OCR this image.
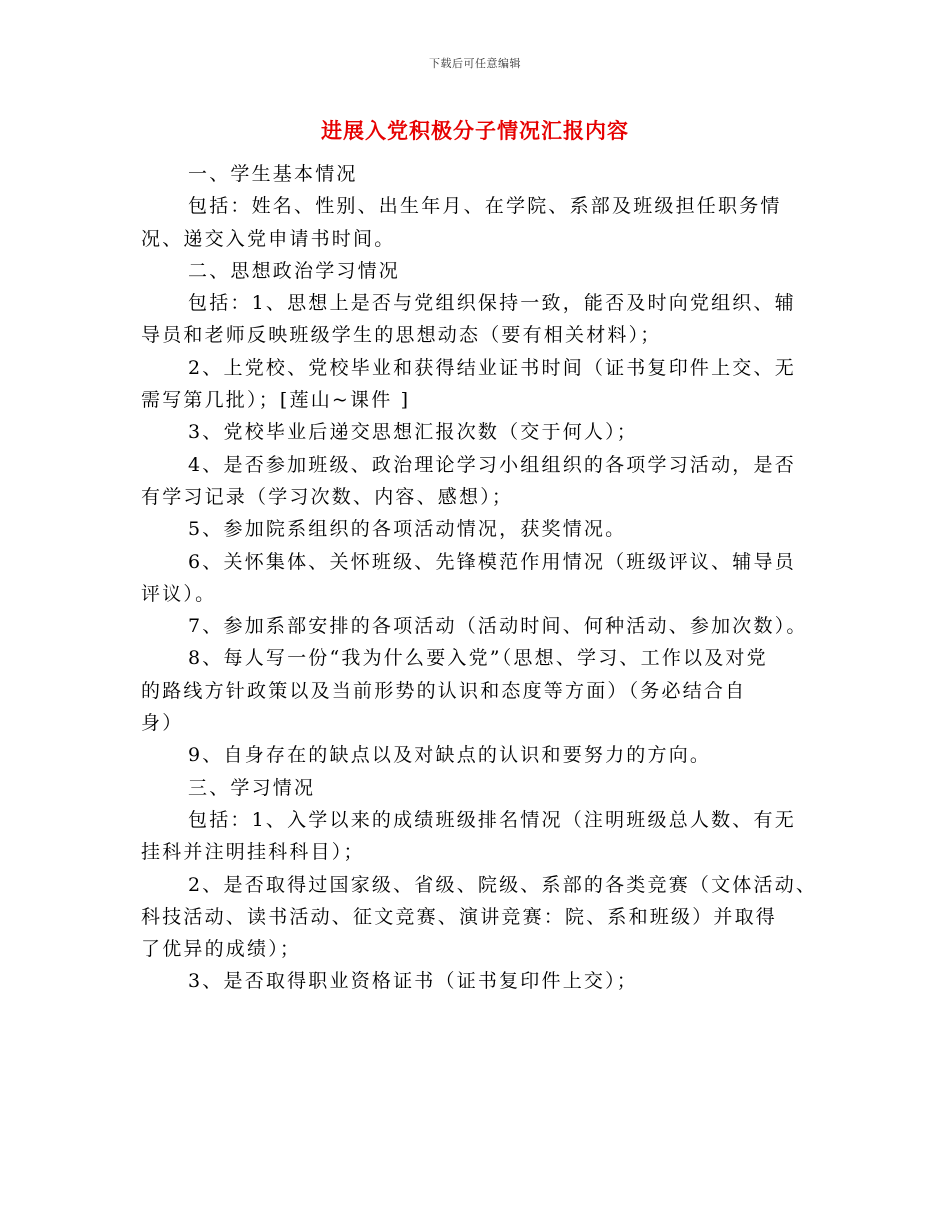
下载后可任意编辑
进展入党积极分子情况汇报内容
一、学生基本情况
包括：姓名、性别、出生年月、在学院、系部及班级担任职务情
况、递交入党申请书时间。
二、思想政治学习情况
包括：1、思想上是否与党组织保持一致，能否及时向党组织、辅
导员和老师反映班级学生的思想动态（要有相关材料）；
2、上党校、党校毕业和获得结业证书时间（证书复印件上交、无
需写第几批）；[莲山~课件 ]
3、党校毕业后递交思想汇报次数（交于何人）；
4、是否参加班级、政治理论学习小组组织的各项学习活动，是否
有学习记录（学习次数、内容、感想）；
5、参加院系组织的各项活动情况，获奖情况。
6、关怀集体、关怀班级、先锋模范作用情况（班级评议、辅导员
评议）。
7、参加系部安排的各项活动（活动时间、何种活动、参加次数）。
8、每人写一份“我为什么要入党”（思想、学习、工作以及对党
的路线方针政策以及当前形势的认识和态度等方面）（务必结合自
身）
9、自身存在的缺点以及对缺点的认识和要努力的方向。
三、学习情况
包括：1、入学以来的成绩班级排名情况（注明班级总人数、有无
挂科并注明挂科科目）；
2、是否取得过国家级、省级、院级、系部的各类竞赛（文体活动、
科技活动、读书活动、征文竞赛、演讲竞赛：院、系和班级）并取得
了优异的成绩）；
3、是否取得职业资格证书（证书复印件上交）；
